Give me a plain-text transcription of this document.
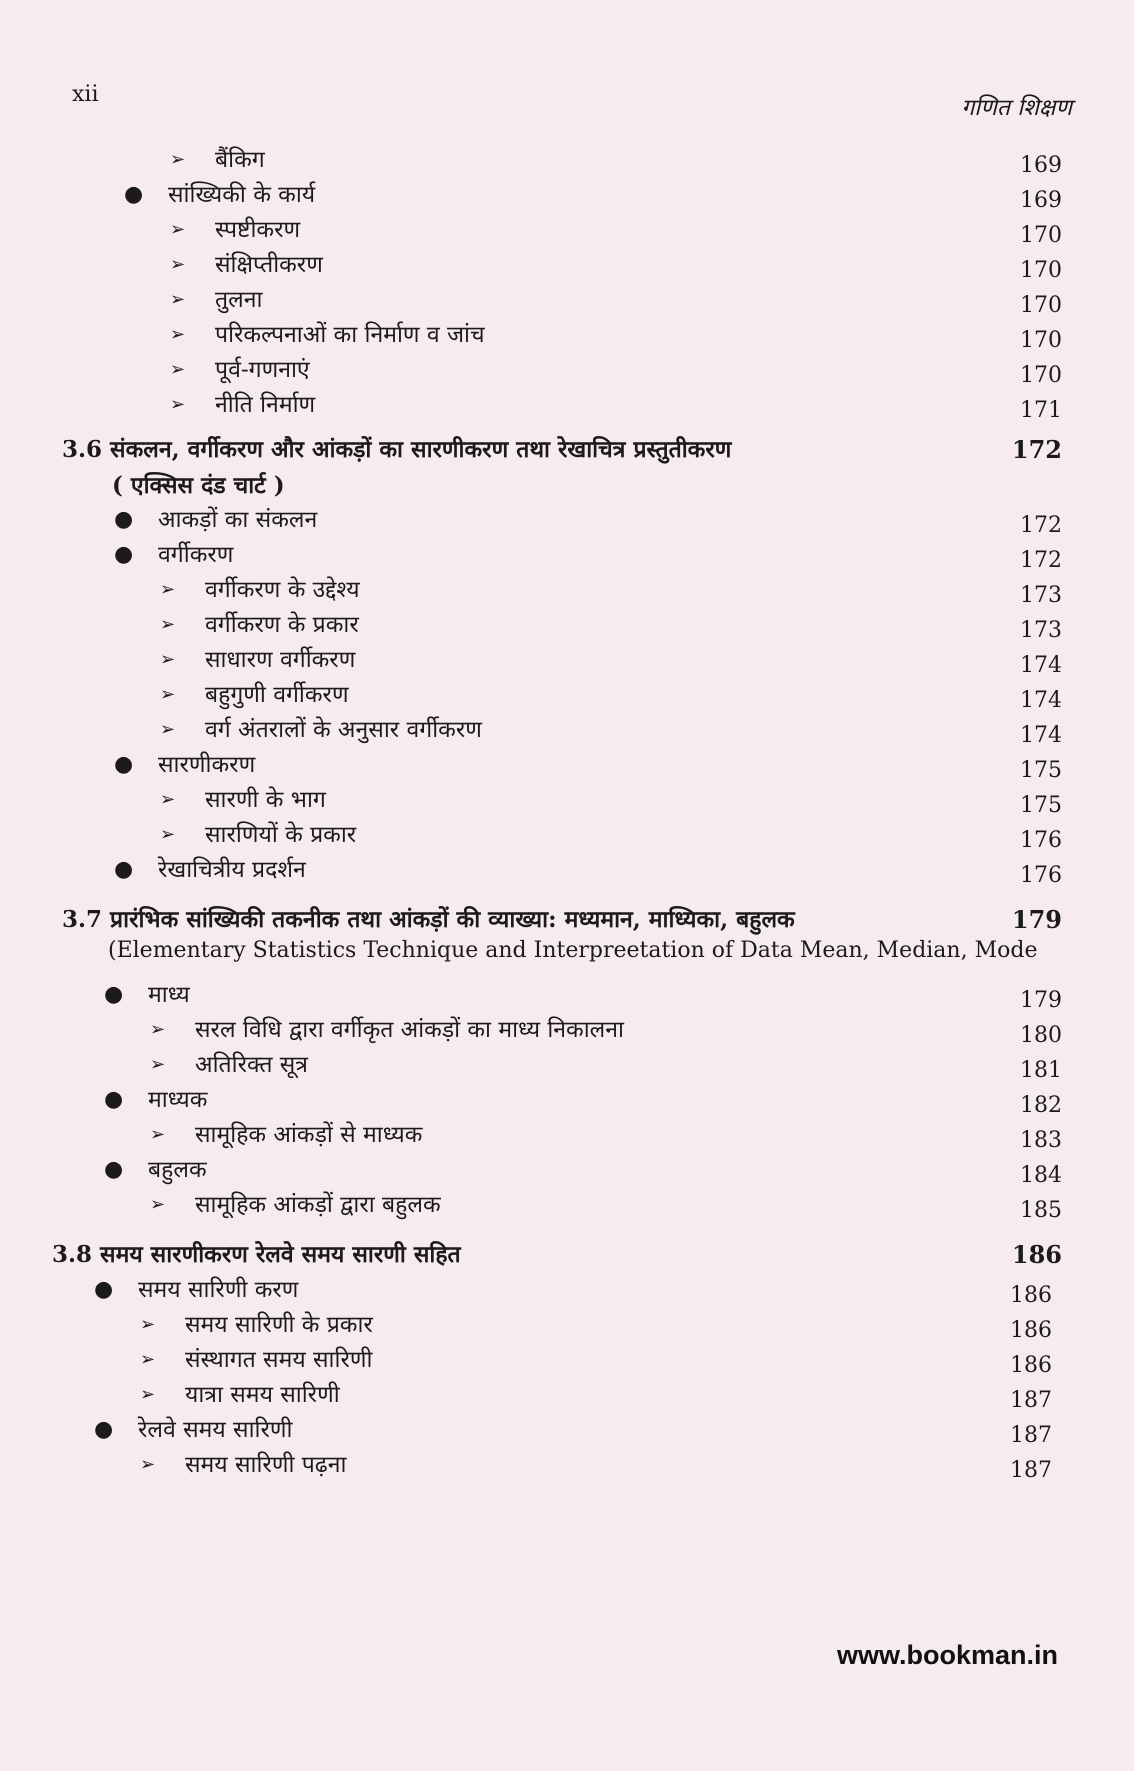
xii
गणित शिक्षण
➢ बैंकिग	169
● सांख्यिकी के कार्य	169
➢ स्पष्टीकरण	170
➢ संक्षिप्तीकरण	170
➢ तुलना	170
➢ परिकल्पनाओं का निर्माण व जांच	170
➢ पूर्व-गणनाएं	170
➢ नीति निर्माण	171
3.6 संकलन, वर्गीकरण और आंकड़ों का सारणीकरण तथा रेखाचित्र प्रस्तुतीकरण	172
( एक्सिस दंड चार्ट )
● आकड़ों का संकलन	172
● वर्गीकरण	172
➢ वर्गीकरण के उद्देश्य	173
➢ वर्गीकरण के प्रकार	173
➢ साधारण वर्गीकरण	174
➢ बहुगुणी वर्गीकरण	174
➢ वर्ग अंतरालों के अनुसार वर्गीकरण	174
● सारणीकरण	175
➢ सारणी के भाग	175
➢ सारणियों के प्रकार	176
● रेखाचित्रीय प्रदर्शन	176
3.7 प्रारंभिक सांख्यिकी तकनीक तथा आंकड़ों की व्याख्या: मध्यमान, माध्यिका, बहुलक	179
(Elementary Statistics Technique and Interpreetation of Data Mean, Median, Mode
● माध्य	179
➢ सरल विधि द्वारा वर्गीकृत आंकड़ों का माध्य निकालना	180
➢ अतिरिक्त सूत्र	181
● माध्यक	182
➢ सामूहिक आंकड़ों से माध्यक	183
● बहुलक	184
➢ सामूहिक आंकड़ों द्वारा बहुलक	185
3.8 समय सारणीकरण रेलवे समय सारणी सहित	186
● समय सारिणी करण	186
➢ समय सारिणी के प्रकार	186
➢ संस्थागत समय सारिणी	186
➢ यात्रा समय सारिणी	187
● रेलवे समय सारिणी	187
➢ समय सारिणी पढ़ना	187
www.bookman.in
